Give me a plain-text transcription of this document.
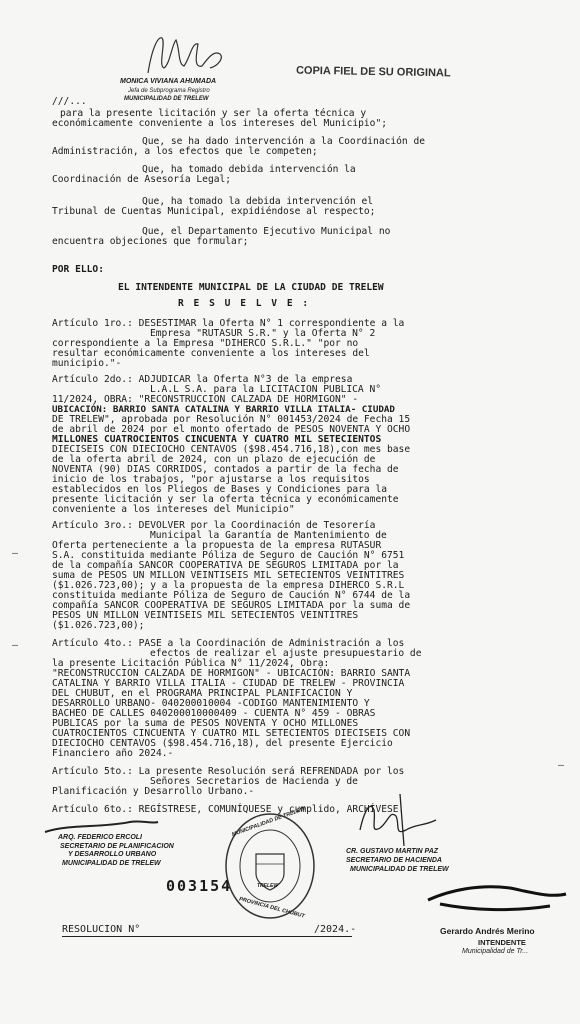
MONICA VIVIANA AHUMADA
Jefa de Subprograma Registro
MUNICIPALIDAD DE TRELEW
COPIA FIEL DE SU ORIGINAL
///...
para la presente licitación y ser la oferta técnica y
económicamente conveniente a los intereses del Municipio";
Que, se ha dado intervención a la Coordinación de
Administración, a los efectos que le competen;
Que, ha tomado debida intervención la
Coordinación de Asesoría Legal;
Que, ha tomado la debida intervención el
Tribunal de Cuentas Municipal, expidiéndose al respecto;
Que, el Departamento Ejecutivo Municipal no
encuentra objeciones que formular;
POR ELLO:
EL INTENDENTE MUNICIPAL DE LA CIUDAD DE TRELEW
R E S U E L V E :
Artículo 1ro.: DESESTIMAR la Oferta N° 1 correspondiente a la
Empresa "RUTASUR S.R." y la Oferta N° 2
correspondiente a la Empresa "DIHERCO S.R.L." "por no
resultar económicamente conveniente a los intereses del
municipio."-
Artículo 2do.: ADJUDICAR la Oferta N°3 de la empresa
L.A.L S.A. para la LICITACION PUBLICA N°
11/2024, OBRA: "RECONSTRUCCION CALZADA DE HORMIGON" -
UBICACIÓN: BARRIO SANTA CATALINA Y BARRIO VILLA ITALIA- CIUDAD
DE TRELEW", aprobada por Resolución N° 001453/2024 de Fecha 15
de abril de 2024 por el monto ofertado de PESOS NOVENTA Y OCHO
MILLONES CUATROCIENTOS CINCUENTA Y CUATRO MIL SETECIENTOS
DIECISEIS CON DIECIOCHO CENTAVOS ($98.454.716,18),con mes base
de la oferta abril de 2024, con un plazo de ejecución de
NOVENTA (90) DIAS CORRIDOS, contados a partir de la fecha de
inicio de los trabajos, "por ajustarse a los requisitos
establecidos en los Pliegos de Bases y Condiciones para la
presente licitación y ser la oferta técnica y económicamente
conveniente a los intereses del Municipio"
Artículo 3ro.: DEVOLVER por la Coordinación de Tesorería
Municipal la Garantía de Mantenimiento de
Oferta perteneciente a la propuesta de la empresa RUTASUR
S.A. constituida mediante Póliza de Seguro de Caución N° 6751
de la compañía SANCOR COOPERATIVA DE SEGUROS LIMITADA por la
suma de PESOS UN MILLON VEINTISEIS MIL SETECIENTOS VEINTITRES
($1.026.723,00); y a la propuesta de la empresa DIHERCO S.R.L
constituida mediante Póliza de Seguro de Caución N° 6744 de la
compañía SANCOR COOPERATIVA DE SEGUROS LIMITADA por la suma de
PESOS UN MILLON VEINTISEIS MIL SETECIENTOS VEINTITRES
($1.026.723,00);
Artículo 4to.: PASE a la Coordinación de Administración a los
efectos de realizar el ajuste presupuestario de
la presente Licitación Pública N° 11/2024, Obra:
"RECONSTRUCCION CALZADA DE HORMIGON" - UBICACIÓN: BARRIO SANTA
CATALINA Y BARRIO VILLA ITALIA - CIUDAD DE TRELEW - PROVINCIA
DEL CHUBUT, en el PROGRAMA PRINCIPAL PLANIFICACION Y
DESARROLLO URBANO- 040200010004 -CODIGO MANTENIMIENTO Y
BACHEO DE CALLES 040200010000409 - CUENTA N° 459 - OBRAS
PUBLICAS por la suma de PESOS NOVENTA Y OCHO MILLONES
CUATROCIENTOS CINCUENTA Y CUATRO MIL SETECIENTOS DIECISEIS CON
DIECIOCHO CENTAVOS ($98.454.716,18), del presente Ejercicio
Financiero año 2024.-
Artículo 5to.: La presente Resolución será REFRENDADA por los
Señores Secretarios de Hacienda y de
Planificación y Desarrollo Urbano.-
Artículo 6to.: REGÍSTRESE, COMUNÍQUESE y cumplido, ARCHÍVESE.
—
—
—
ARQ. FEDERICO ERCOLI
SECRETARIO DE PLANIFICACION
Y DESARROLLO URBANO
MUNICIPALIDAD DE TRELEW
MUNICIPALIDAD DE TRELEW
PROVINCIA DEL CHUBUT
TRELEW
CR. GUSTAVO MARTIN PAZ
SECRETARIO DE HACIENDA
MUNICIPALIDAD DE TRELEW
Gerardo Andrés Merino
INTENDENTE
Municipalidad de Tr...
003154
RESOLUCION N°	/2024.-
